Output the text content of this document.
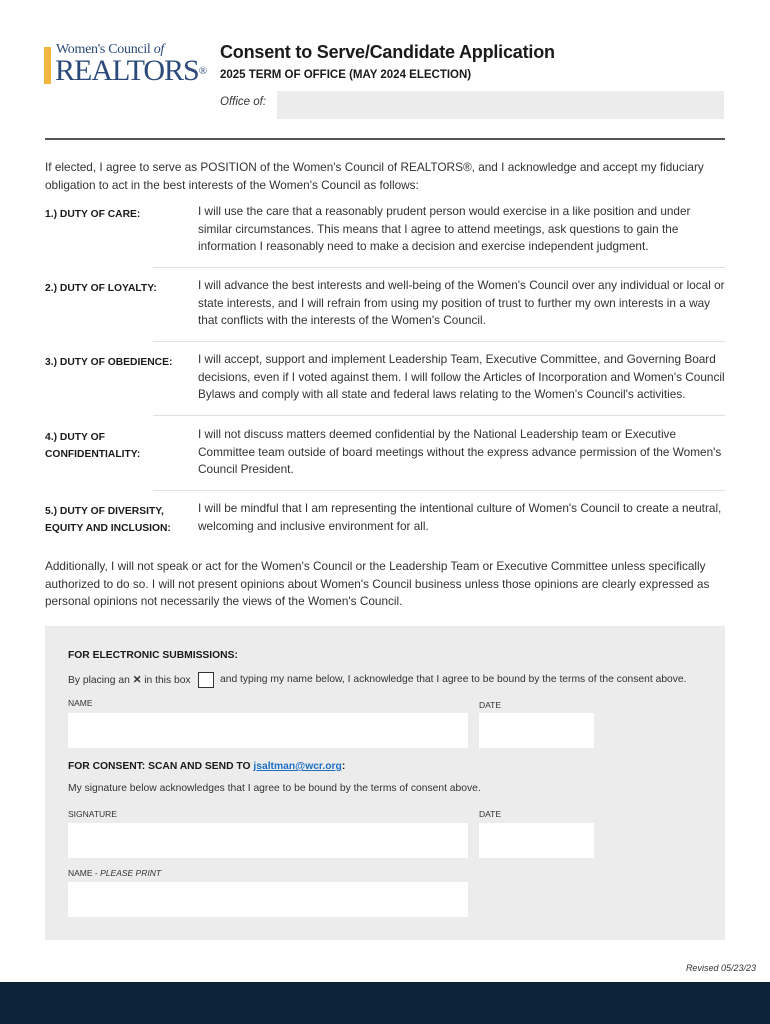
Women's Council of
REALTORS®
Consent to Serve/Candidate Application
2025 TERM OF OFFICE (MAY 2024 ELECTION)
Office of:
If elected, I agree to serve as POSITION of the Women's Council of REALTORS®, and I acknowledge and accept my fiduciary obligation to act in the best interests of the Women's Council as follows:
1.) DUTY OF CARE:	I will use the care that a reasonably prudent person would exercise in a like position and under similar circumstances. This means that I agree to attend meetings, ask questions to gain the information I reasonably need to make a decision and exercise independent judgment.
2.) DUTY OF LOYALTY:	I will advance the best interests and well-being of the Women's Council over any individual or local or state interests, and I will refrain from using my position of trust to further my own interests in a way that conflicts with the interests of the Women's Council.
3.) DUTY OF OBEDIENCE:	I will accept, support and implement Leadership Team, Executive Committee, and Governing Board decisions, even if I voted against them. I will follow the Articles of Incorporation and Women's Council Bylaws and comply with all state and federal laws relating to the Women's Council's activities.
4.) DUTY OF CONFIDENTIALITY:
I will not discuss matters deemed confidential by the National Leadership team or Executive Committee team outside of board meetings without the express advance permission of the Women's Council President.
5.) DUTY OF DIVERSITY, EQUITY AND INCLUSION:
I will be mindful that I am representing the intentional culture of Women's Council to create a neutral, welcoming and inclusive environment for all.
Additionally, I will not speak or act for the Women's Council or the Leadership Team or Executive Committee unless specifically authorized to do so. I will not present opinions about Women's Council business unless those opinions are clearly expressed as personal opinions not necessarily the views of the Women's Council.
FOR ELECTRONIC SUBMISSIONS:
By placing an ✕ in this box	and typing my name below, I acknowledge that I agree to be bound by the terms of the consent above.
NAME	DATE
FOR CONSENT: SCAN AND SEND TO jsaltman@wcr.org:
My signature below acknowledges that I agree to be bound by the terms of consent above.
SIGNATURE	DATE
NAME - PLEASE PRINT
Revised 05/23/23
